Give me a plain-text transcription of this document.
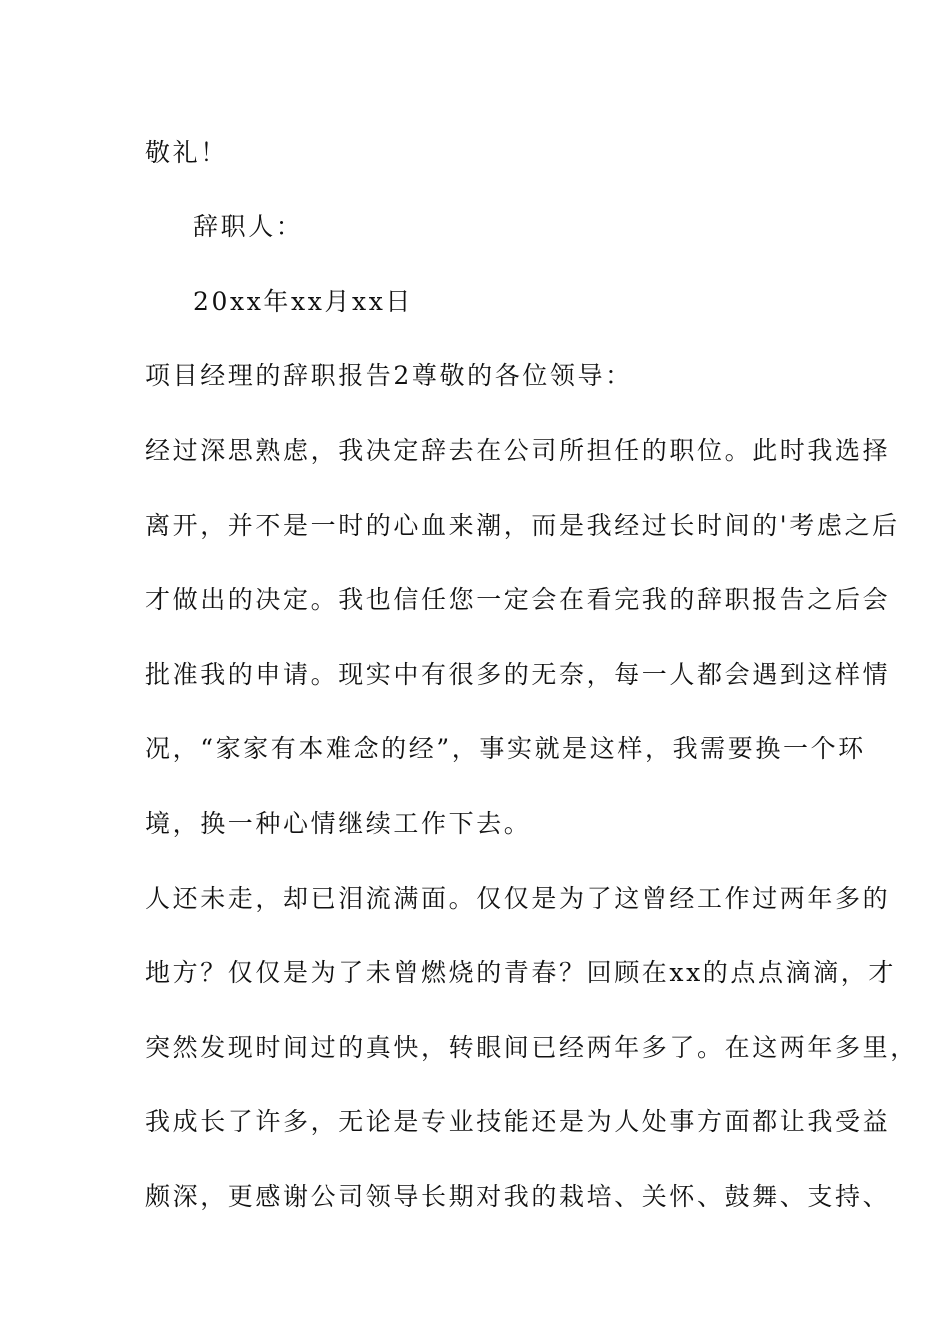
敬礼！
辞职人：
20xx年xx月xx日
项目经理的辞职报告2尊敬的各位领导：
经过深思熟虑，我决定辞去在公司所担任的职位。此时我选择
离开，并不是一时的心血来潮，而是我经过长时间的'考虑之后
才做出的决定。我也信任您一定会在看完我的辞职报告之后会
批准我的申请。现实中有很多的无奈，每一人都会遇到这样情
况，“家家有本难念的经”，事实就是这样，我需要换一个环
境，换一种心情继续工作下去。
人还未走，却已泪流满面。仅仅是为了这曾经工作过两年多的
地方？仅仅是为了未曾燃烧的青春？回顾在xx的点点滴滴，才
突然发现时间过的真快，转眼间已经两年多了。在这两年多里，
我成长了许多，无论是专业技能还是为人处事方面都让我受益
颇深，更感谢公司领导长期对我的栽培、关怀、鼓舞、支持、
